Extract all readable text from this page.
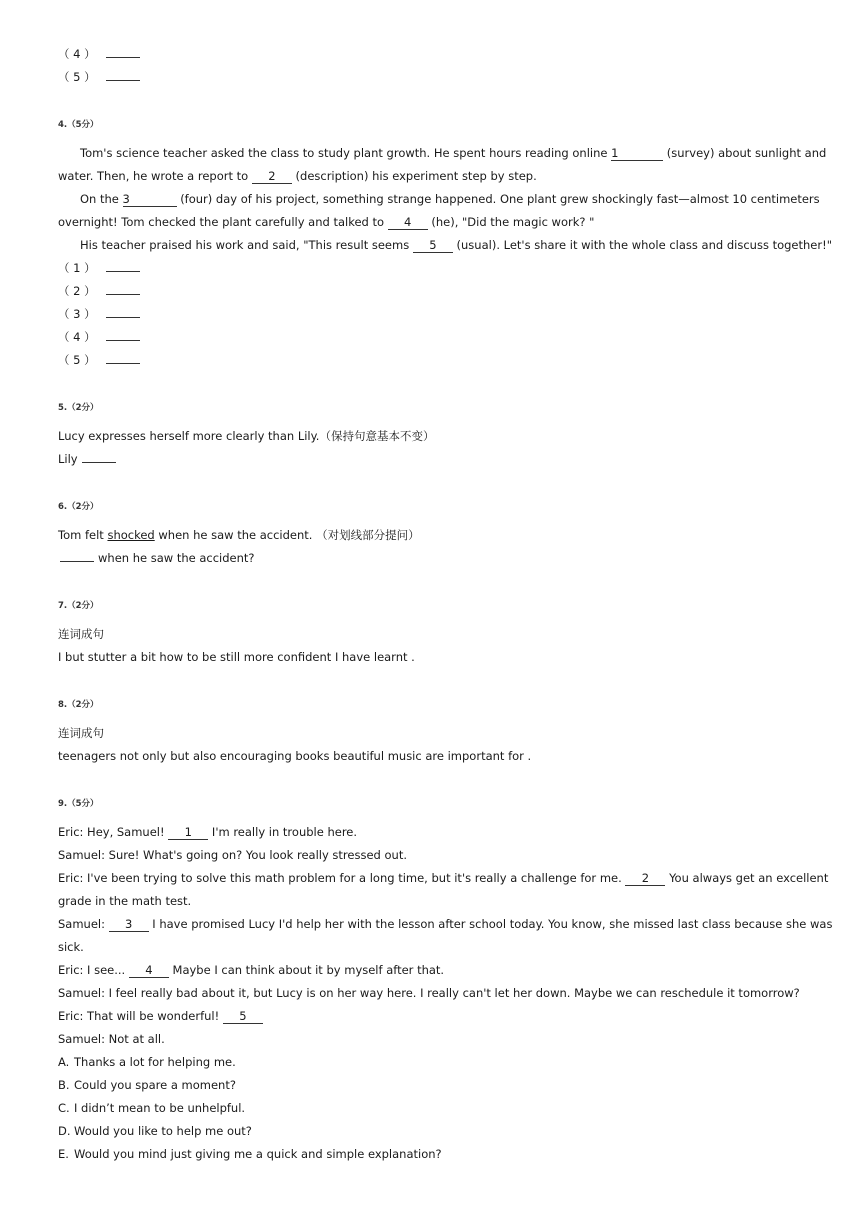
（ 4 ）
（ 5 ）
4.（5分）
Tom's science teacher asked the class to study plant growth. He spent hours reading online 1	(survey) about sunlight and
water. Then, he wrote a report to 2 (description) his experiment step by step.
On the 3	(four) day of his project, something strange happened. One plant grew shockingly fast—almost 10 centimeters
overnight! Tom checked the plant carefully and talked to 4 (he), "Did the magic work? "
His teacher praised his work and said, "This result seems 5 (usual). Let's share it with the whole class and discuss together!"
（ 1 ）
（ 2 ）
（ 3 ）
（ 4 ）
（ 5 ）
5.（2分）
Lucy expresses herself more clearly than Lily.（保持句意基本不变）
Lily
6.（2分）
Tom felt shocked when he saw the accident. （对划线部分提问）
when he saw the accident?
7.（2分）
连词成句
I but stutter a bit how to be still more confident I have learnt .
8.（2分）
连词成句
teenagers not only but also encouraging books beautiful music are important for .
9.（5分）
Eric: Hey, Samuel! 1 I'm really in trouble here.
Samuel: Sure! What's going on? You look really stressed out.
Eric: I've been trying to solve this math problem for a long time, but it's really a challenge for me. 2 You always get an excellent
grade in the math test.
Samuel: 3 I have promised Lucy I'd help her with the lesson after school today. You know, she missed last class because she was
sick.
Eric: I see... 4 Maybe I can think about it by myself after that.
Samuel: I feel really bad about it, but Lucy is on her way here. I really can't let her down. Maybe we can reschedule it tomorrow?
Eric: That will be wonderful! 5
Samuel: Not at all.
A. Thanks a lot for helping me.
B. Could you spare a moment?
C. I didn’t mean to be unhelpful.
D. Would you like to help me out?
E. Would you mind just giving me a quick and simple explanation?
